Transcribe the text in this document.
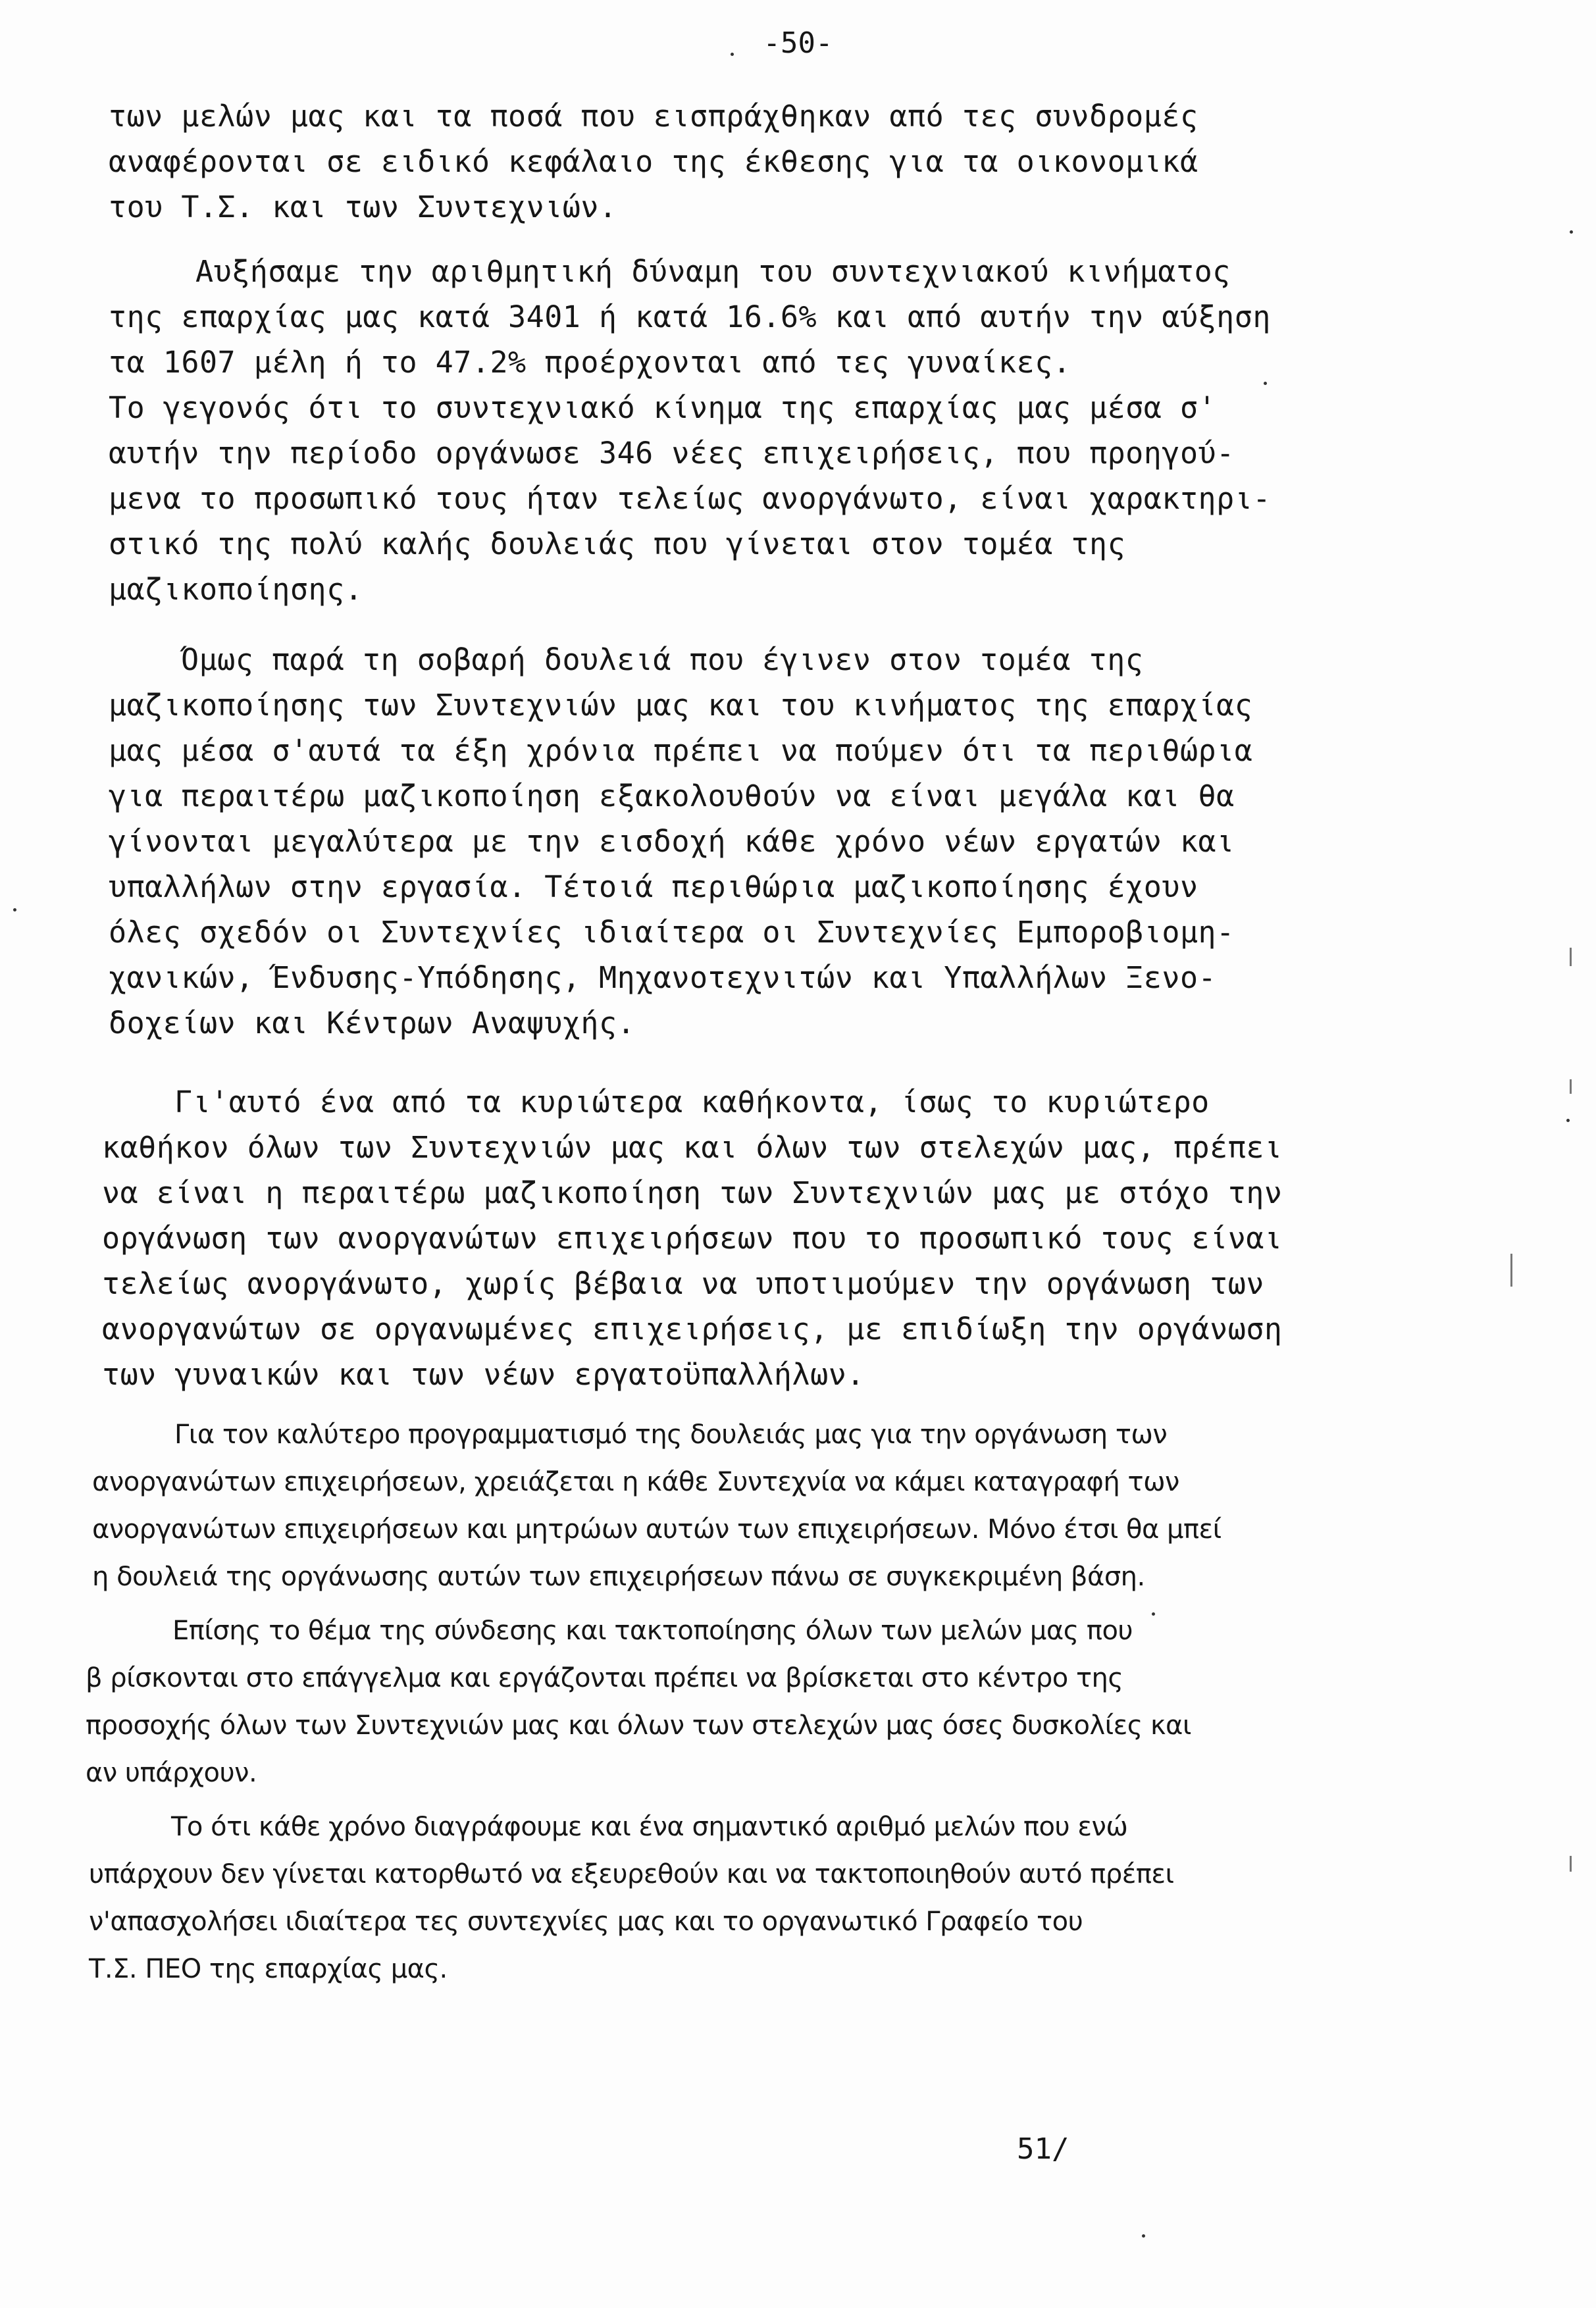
-50-
των μελών μας και τα ποσά που εισπράχθηκαν από τες συνδρομές
αναφέρονται σε ειδικό κεφάλαιο της έκθεσης για τα οικονομικά
του Τ.Σ. και των Συντεχνιών.
Αυξήσαμε την αριθμητική δύναμη του συντεχνιακού κινήματος
της επαρχίας μας κατά 3401 ή κατά 16.6% και από αυτήν την αύξηση
τα 1607 μέλη ή το 47.2% προέρχονται από τες γυναίκες.
Το γεγονός ότι το συντεχνιακό κίνημα της επαρχίας μας μέσα σ'
αυτήν την περίοδο οργάνωσε 346 νέες επιχειρήσεις, που προηγού-
μενα το προσωπικό τους ήταν τελείως ανοργάνωτο, είναι χαρακτηρι-
στικό της πολύ καλής δουλειάς που γίνεται στον τομέα της
μαζικοποίησης.
Όμως παρά τη σοβαρή δουλειά που έγινεν στον τομέα της
μαζικοποίησης των Συντεχνιών μας και του κινήματος της επαρχίας
μας μέσα σ'αυτά τα έξη χρόνια πρέπει να πούμεν ότι τα περιθώρια
για περαιτέρω μαζικοποίηση εξακολουθούν να είναι μεγάλα και θα
γίνονται μεγαλύτερα με την εισδοχή κάθε χρόνο νέων εργατών και
υπαλλήλων στην εργασία. Τέτοιά περιθώρια μαζικοποίησης έχουν
όλες σχεδόν οι Συντεχνίες ιδιαίτερα οι Συντεχνίες Εμποροβιομη-
χανικών, Ένδυσης-Υπόδησης, Μηχανοτεχνιτών και Υπαλλήλων Ξενο-
δοχείων και Κέντρων Αναψυχής.
Γι'αυτό ένα από τα κυριώτερα καθήκοντα, ίσως το κυριώτερο
καθήκον όλων των Συντεχνιών μας και όλων των στελεχών μας, πρέπει
να είναι η περαιτέρω μαζικοποίηση των Συντεχνιών μας με στόχο την
οργάνωση των ανοργανώτων επιχειρήσεων που το προσωπικό τους είναι
τελείως ανοργάνωτο, χωρίς βέβαια να υποτιμούμεν την οργάνωση των
ανοργανώτων σε οργανωμένες επιχειρήσεις, με επιδίωξη την οργάνωση
των γυναικών και των νέων εργατοϋπαλλήλων.
Για τον καλύτερο προγραμματισμό της δουλειάς μας για την οργάνωση των
ανοργανώτων επιχειρήσεων, χρειάζεται η κάθε Συντεχνία να κάμει καταγραφή των
ανοργανώτων επιχειρήσεων και μητρώων αυτών των επιχειρήσεων. Μόνο έτσι θα μπεί
η δουλειά της οργάνωσης αυτών των επιχειρήσεων πάνω σε συγκεκριμένη βάση.
Επίσης το θέμα της σύνδεσης και τακτοποίησης όλων των μελών μας που
β ρίσκονται στο επάγγελμα και εργάζονται πρέπει να βρίσκεται στο κέντρο της
προσοχής όλων των Συντεχνιών μας και όλων των στελεχών μας όσες δυσκολίες και
αν υπάρχουν.
Το ότι κάθε χρόνο διαγράφουμε και ένα σημαντικό αριθμό μελών που ενώ
υπάρχουν δεν γίνεται κατορθωτό να εξευρεθούν και να τακτοποιηθούν αυτό πρέπει
ν'απασχολήσει ιδιαίτερα τες συντεχνίες μας και το οργανωτικό Γραφείο του
Τ.Σ. ΠΕΟ της επαρχίας μας.
51/
